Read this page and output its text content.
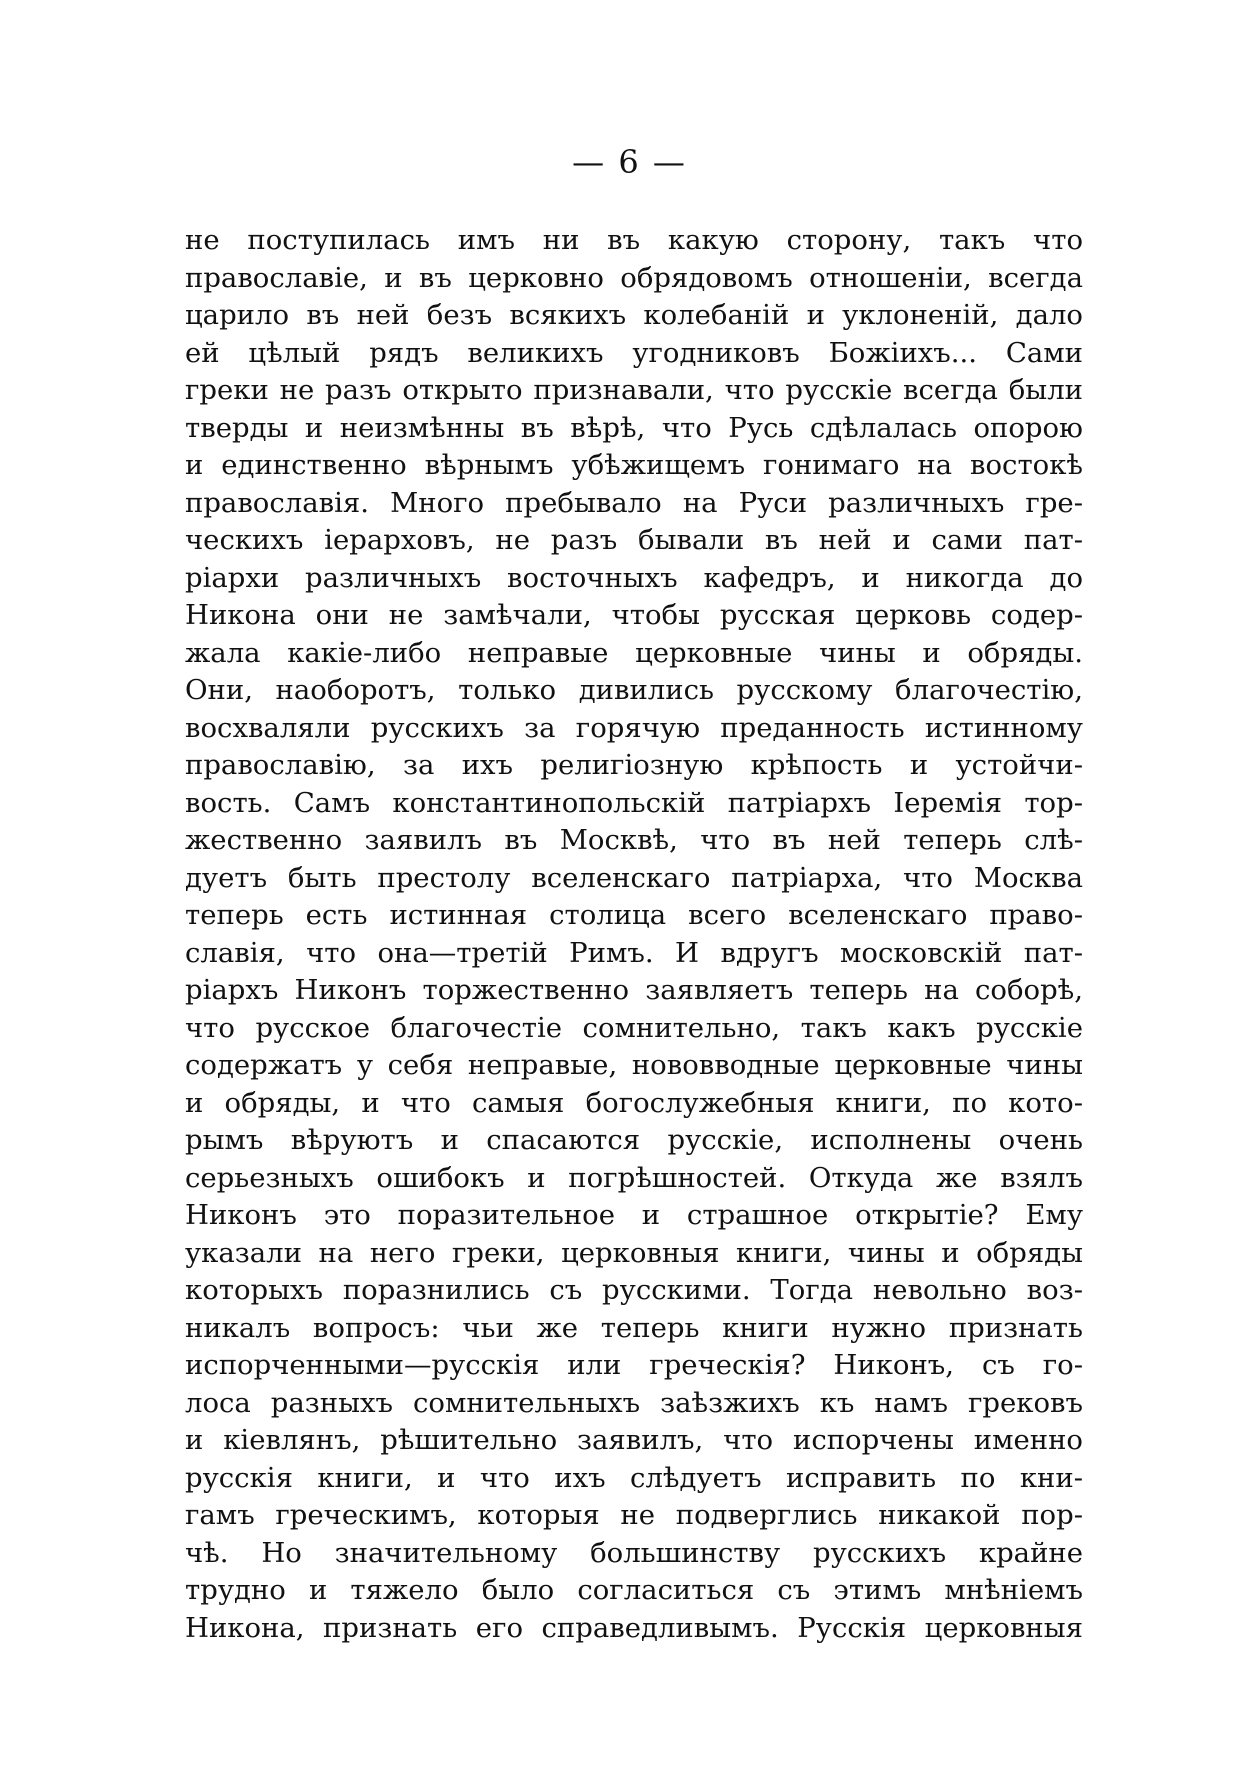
— 6 —
не поступилась имъ ни въ какую сторону, такъ что
православіе, и въ церковно обрядовомъ отношеніи, всегда
царило въ ней безъ всякихъ колебаній и уклоненій, дало
ей цѣлый рядъ великихъ угодниковъ Божіихъ... Сами
греки не разъ открыто признавали, что русскіе всегда были
тверды и неизмѣнны въ вѣрѣ, что Русь сдѣлалась опорою
и единственно вѣрнымъ убѣжищемъ гонимаго на востокѣ
православія. Много пребывало на Руси различныхъ гре-
ческихъ іерарховъ, не разъ бывали въ ней и сами пат-
ріархи различныхъ восточныхъ кафедръ, и никогда до
Никона они не замѣчали, чтобы русская церковь содер-
жала какіе-либо неправые церковные чины и обряды.
Они, наоборотъ, только дивились русскому благочестію,
восхваляли русскихъ за горячую преданность истинному
православію, за ихъ религіозную крѣпость и устойчи-
вость. Самъ константинопольскій патріархъ Іеремія тор-
жественно заявилъ въ Москвѣ, что въ ней теперь слѣ-
дуетъ быть престолу вселенскаго патріарха, что Москва
теперь есть истинная столица всего вселенскаго право-
славія, что она—третій Римъ. И вдругъ московскій пат-
ріархъ Никонъ торжественно заявляетъ теперь на соборѣ,
что русское благочестіе сомнительно, такъ какъ русскіе
содержатъ у себя неправые, нововводные церковные чины
и обряды, и что самыя богослужебныя книги, по кото-
рымъ вѣруютъ и спасаются русскіе, исполнены очень
серьезныхъ ошибокъ и погрѣшностей. Откуда же взялъ
Никонъ это поразительное и страшное открытіе? Ему
указали на него греки, церковныя книги, чины и обряды
которыхъ поразнились съ русскими. Тогда невольно воз-
никалъ вопросъ: чьи же теперь книги нужно признать
испорченными—русскія или греческія? Никонъ, съ го-
лоса разныхъ сомнительныхъ заѣзжихъ къ намъ грековъ
и кіевлянъ, рѣшительно заявилъ, что испорчены именно
русскія книги, и что ихъ слѣдуетъ исправить по кни-
гамъ греческимъ, которыя не подверглись никакой пор-
чѣ. Но значительному большинству русскихъ крайне
трудно и тяжело было согласиться съ этимъ мнѣніемъ
Никона, признать его справедливымъ. Русскія церковныя
